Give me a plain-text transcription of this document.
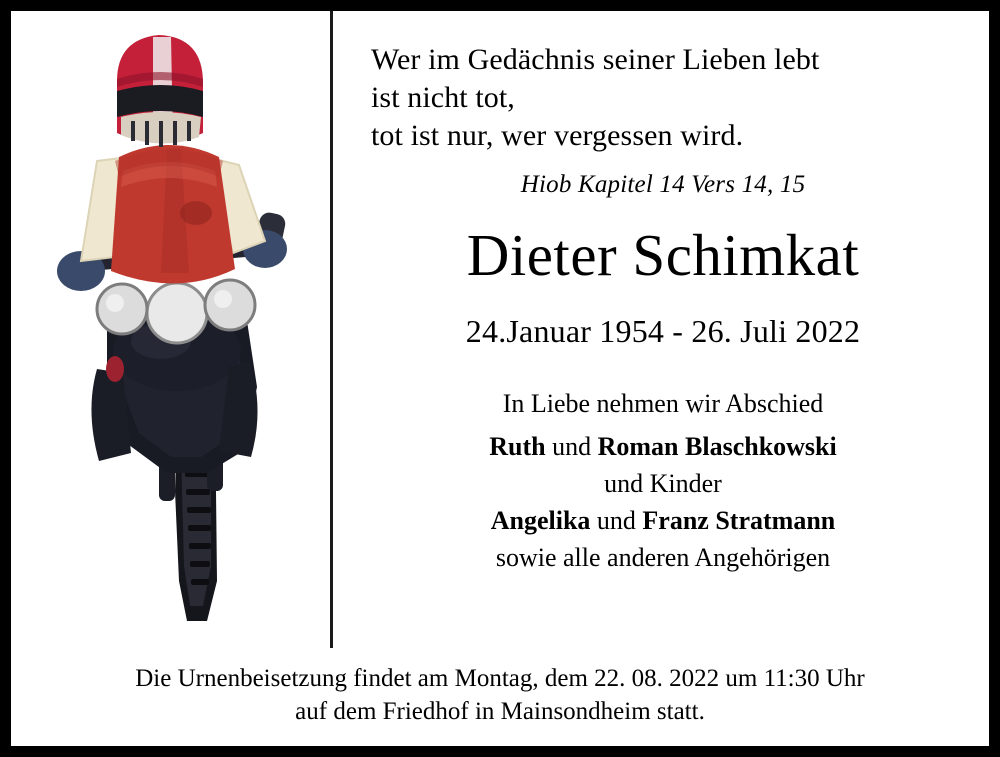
Wer im Gedächnis seiner Lieben lebt
ist nicht tot,
tot ist nur, wer vergessen wird.
Hiob Kapitel 14 Vers 14, 15
Dieter Schimkat
24.Januar 1954 - 26. Juli 2022
In Liebe nehmen wir Abschied
Ruth und Roman Blaschkowski
und Kinder
Angelika und Franz Stratmann
sowie alle anderen Angehörigen
Die Urnenbeisetzung findet am Montag, dem 22. 08. 2022 um 11:30 Uhr
auf dem Friedhof in Mainsondheim statt.
